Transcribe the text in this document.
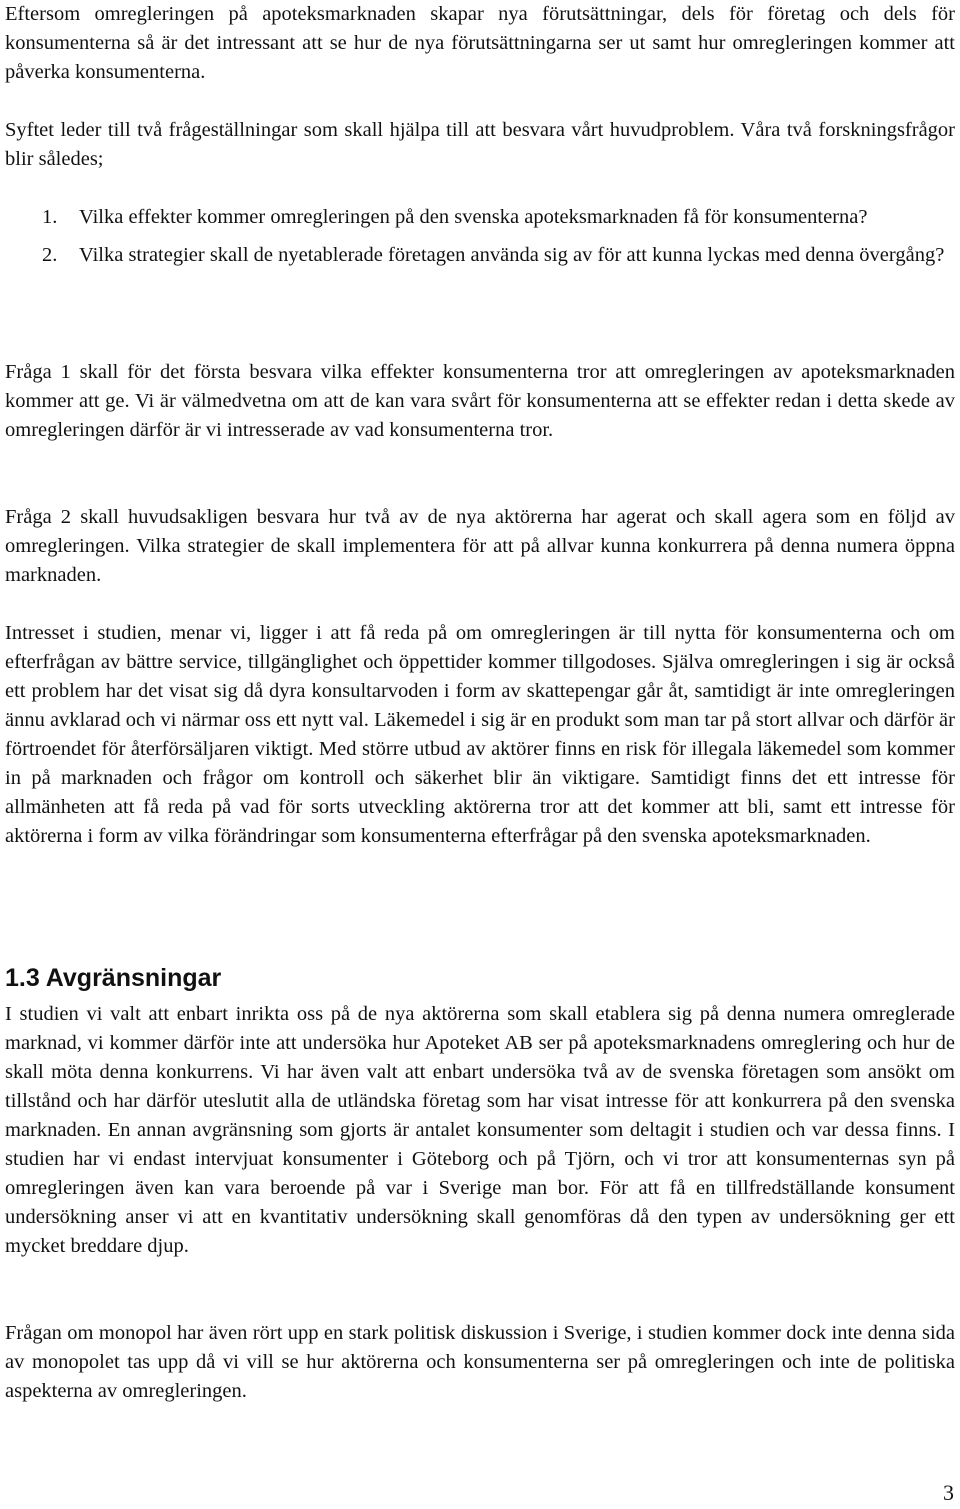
Eftersom omregleringen på apoteksmarknaden skapar nya förutsättningar, dels för företag och dels för konsumenterna så är det intressant att se hur de nya förutsättningarna ser ut samt hur omregleringen kommer att påverka konsumenterna.

Syftet leder till två frågeställningar som skall hjälpa till att besvara vårt huvudproblem. Våra två forskningsfrågor blir således;

1. Vilka effekter kommer omregleringen på den svenska apoteksmarknaden få för konsumenterna?
2. Vilka strategier skall de nyetablerade företagen använda sig av för att kunna lyckas med denna övergång?

Fråga 1 skall för det första besvara vilka effekter konsumenterna tror att omregleringen av apoteksmarknaden kommer att ge. Vi är välmedvetna om att de kan vara svårt för konsumenterna att se effekter redan i detta skede av omregleringen därför är vi intresserade av vad konsumenterna tror.

Fråga 2 skall huvudsakligen besvara hur två av de nya aktörerna har agerat och skall agera som en följd av omregleringen. Vilka strategier de skall implementera för att på allvar kunna konkurrera på denna numera öppna marknaden.

Intresset i studien, menar vi, ligger i att få reda på om omregleringen är till nytta för konsumenterna och om efterfrågan av bättre service, tillgänglighet och öppettider kommer tillgodoses. Själva omregleringen i sig är också ett problem har det visat sig då dyra konsultarvoden i form av skattepengar går åt, samtidigt är inte omregleringen ännu avklarad och vi närmar oss ett nytt val. Läkemedel i sig är en produkt som man tar på stort allvar och därför är förtroendet för återförsäljaren viktigt. Med större utbud av aktörer finns en risk för illegala läkemedel som kommer in på marknaden och frågor om kontroll och säkerhet blir än viktigare. Samtidigt finns det ett intresse för allmänheten att få reda på vad för sorts utveckling aktörerna tror att det kommer att bli, samt ett intresse för aktörerna i form av vilka förändringar som konsumenterna efterfrågar på den svenska apoteksmarknaden.

1.3 Avgränsningar

I studien vi valt att enbart inrikta oss på de nya aktörerna som skall etablera sig på denna numera omreglerade marknad, vi kommer därför inte att undersöka hur Apoteket AB ser på apoteksmarknadens omreglering och hur de skall möta denna konkurrens. Vi har även valt att enbart undersöka två av de svenska företagen som ansökt om tillstånd och har därför uteslutit alla de utländska företag som har visat intresse för att konkurrera på den svenska marknaden. En annan avgränsning som gjorts är antalet konsumenter som deltagit i studien och var dessa finns. I studien har vi endast intervjuat konsumenter i Göteborg och på Tjörn, och vi tror att konsumenternas syn på omregleringen även kan vara beroende på var i Sverige man bor. För att få en tillfredställande konsument undersökning anser vi att en kvantitativ undersökning skall genomföras då den typen av undersökning ger ett mycket breddare djup.

Frågan om monopol har även rört upp en stark politisk diskussion i Sverige, i studien kommer dock inte denna sida av monopolet tas upp då vi vill se hur aktörerna och konsumenterna ser på omregleringen och inte de politiska aspekterna av omregleringen.

3
